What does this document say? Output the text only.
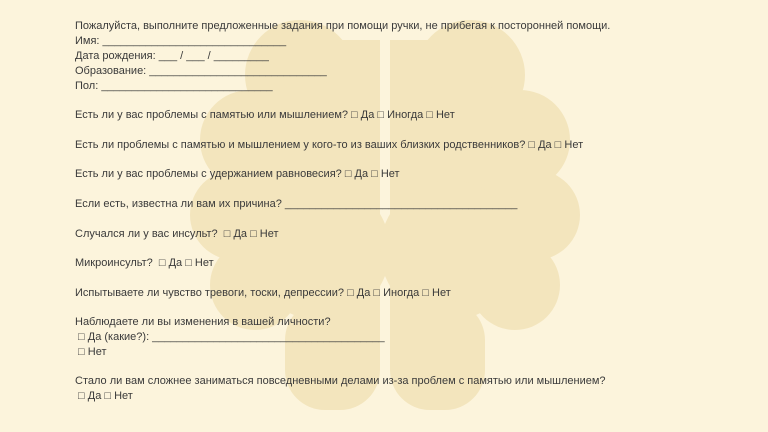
Пожалуйста, выполните предложенные задания при помощи ручки, не прибегая к посторонней помощи.
Имя: ______________________________
Дата рождения: ___ / ___ / _________
Образование: _____________________________
Пол: ____________________________
Есть ли у вас проблемы с памятью или мышлением? □ Да □ Иногда □ Нет
Есть ли проблемы с памятью и мышлением у кого-то из ваших близких родственников? □ Да □ Нет
Есть ли у вас проблемы с удержанием равновесия? □ Да □ Нет
Если есть, известна ли вам их причина? ______________________________________
Случался ли у вас инсульт?  □ Да □ Нет
Микроинсульт?  □ Да □ Нет
Испытываете ли чувство тревоги, тоски, депрессии? □ Да □ Иногда □ Нет
Наблюдаете ли вы изменения в вашей личности?
□ Да (какие?): ______________________________________
□ Нет
Стало ли вам сложнее заниматься повседневными делами из-за проблем с памятью или мышлением?
□ Да □ Нет
